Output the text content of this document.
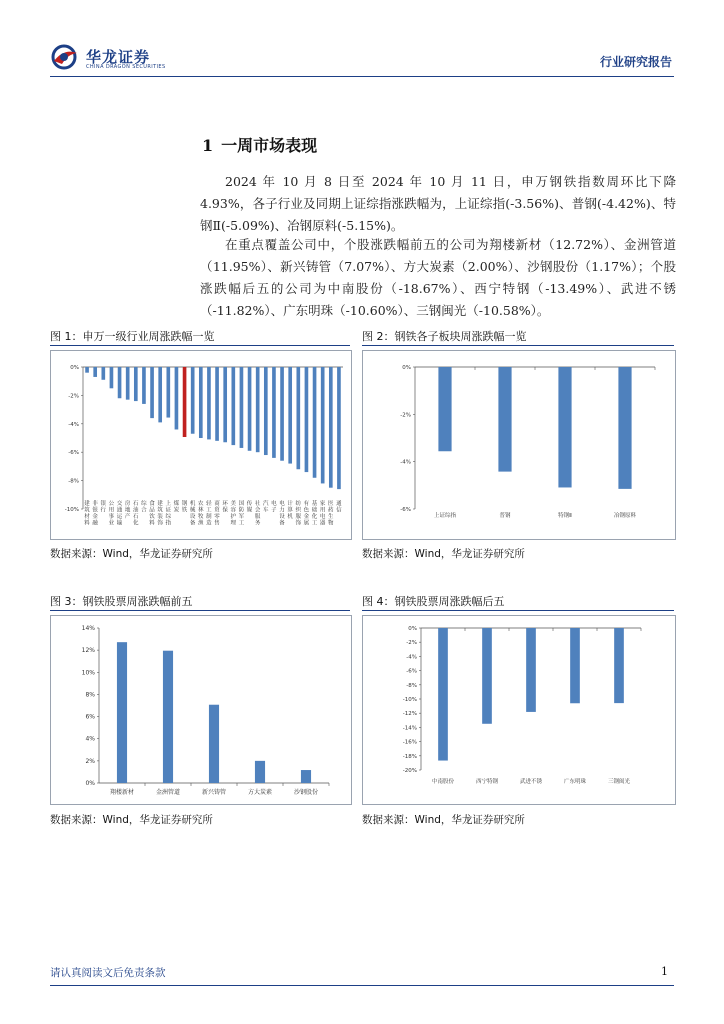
华龙证券
CHINA DRAGON SECURITIES	行业研究报告
1 一周市场表现

2024 年 10 月 8 日至 2024 年 10 月 11 日，申万钢铁指数周环比下降 4.93%，各子行业及同期上证综指涨跌幅为，上证综指(-3.56%)、普钢(-4.42%)、特钢Ⅱ(-5.09%)、冶钢原料(-5.15%)。

在重点覆盖公司中，个股涨跌幅前五的公司为翔楼新材（12.72%）、金洲管道（11.95%）、新兴铸管（7.07%）、方大炭素（2.00%）、沙钢股份（1.17%）；个股涨跌幅后五的公司为中南股份（-18.67%）、西宁特钢（-13.49%）、武进不锈（-11.82%）、广东明珠（-10.60%）、三钢闽光（-10.58%）。

图 1：申万一级行业周涨跌幅一览
0%
-2%
-4%
-6%
-8%
-10%
建
筑
材
料
非
银
金
融
银
行
公
用
事
业
交
通
运
输
房
地
产
石
油
石
化
综
合
食
品
饮
料
建
筑
装
饰
上
证
综
指
煤
炭
钢
铁
机
械
设
备
农
林
牧
渔
轻
工
制
造
商
贸
零
售
环
保
美
容
护
理
国
防
军
工
传
媒
社
会
服
务
汽
车
电
子
电
力
设
备
计
算
机
纺
织
服
饰
有
色
金
属
基
础
化
工
家
用
电
器
医
药
生
物
通
信
数据来源：Wind，华龙证券研究所
图 2：钢铁各子板块周涨跌幅一览
0%
-2%
-4%
-6%
上证综指	普钢	特钢Ⅱ	冶钢原料
数据来源：Wind，华龙证券研究所
图 3：钢铁股票周涨跌幅前五
14%
12%
10%
8%
6%
4%
2%
0%
翔楼新材	金洲管道	新兴铸管	方大炭素	沙钢股份
数据来源：Wind，华龙证券研究所
图 4：钢铁股票周涨跌幅后五
0%
-2%
-4%
-6%
-8%
-10%
-12%
-14%
-16%
-18%
-20%
中南股份	西宁特钢	武进不锈	广东明珠	三钢闽光
数据来源：Wind，华龙证券研究所
请认真阅读文后免责条款	1
